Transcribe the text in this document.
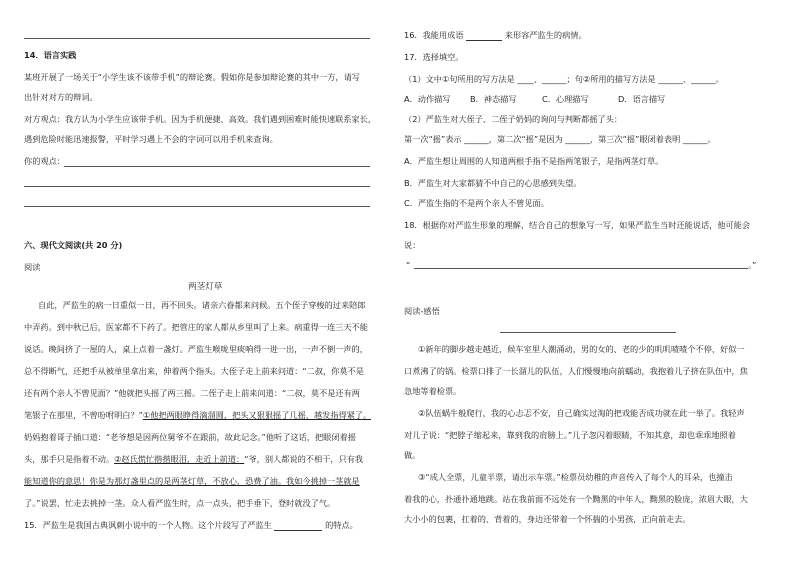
14．语言实践
某班开展了一场关于“小学生该不该带手机”的辩论赛。假如你是参加辩论赛的其中一方，请写
出针对对方的辩词。
对方观点：我方认为小学生应该带手机。因为手机便捷、高效。我们遇到困难时能快速联系家长，
遇到危险时能迅速报警，平时学习遇上不会的字词可以用手机来查询。
你的观点：
六、现代文阅读(共 20 分)
阅读
两茎灯草
自此，严监生的病一日重似一日，再不回头。诸亲六眷都来问候。五个侄子穿梭的过来陪郎
中弄药。到中秋已后，医家都不下药了。把管庄的家人都从乡里叫了上来。病重得一连三天不能
说话。晚间挤了一屋的人，桌上点着一盏灯。严监生喉咙里痰响得一进一出，一声不倒一声的，
总不得断气，还把手从被单里拿出来，伸着两个指头。大侄子走上前来问道：“二叔，你莫不是
还有两个亲人不曾见面？”他就把头摇了两三摇。二侄子走上前来问道：“二叔，莫不是还有两
笔银子在那里，不曾吩咐明白？”①他把两眼睁得滴溜圆，把头又狠狠摇了几摇，越发指得紧了。
奶妈抱着哥子插口道：“老爷想是因两位舅爷不在跟前，故此记念。”他听了这话，把眼闭着摇
头，那手只是指着不动。②赵氏慌忙揩揩眼泪，走近上前道：“爷，别人都说的不相干，只有我
能知道你的意思！你是为那灯盏里点的是两茎灯草，不放心，恐费了油。我如今挑掉一茎就是
了。”说罢，忙走去挑掉一茎。众人看严监生时，点一点头，把手垂下，登时就没了气。
15．严监生是我国古典讽刺小说中的一个人物。这个片段写了严监生	的特点。
16．我能用成语	来形容严监生的病情。
17．选择填空。
（1）文中①句所用的写方法是 ____、______；句②所用的描写方法是 ______、______。
A．动作描写 B．神态描写	C．心理描写	D．语言描写
（2）严监生对大侄子、二侄子奶妈的询问与判断都摇了头：
第一次“摇”表示 ______，第二次“摇”是因为 ______，第三次“摇”眼闭着表明 ______。
A．严监生想让周围的人知道两根手指不是指两笔银子，是指两茎灯草。
B．严监生对大家都猜不中自己的心思感到失望。
C．严监生指的不是两个亲人不曾见面。
18．根据你对严监生形象的理解，结合自己的想象写一写，如果严监生当时还能说话，他可能会
说：
“	。”
阅读-感悟
①新年的脚步越走越近，候车室里人潮涌动，男的女的、老的少的叽叽喳喳个不停，好似一
口煮沸了的锅。检票口排了一长溜儿的队伍，人们慢慢地向前蠕动，我抱着儿子挤在队伍中，焦
急地等着检票。
②队伍蜗牛般爬行，我的心忐忑不安，自己确实过淘的把戏能否成功就在此一举了。我轻声
对儿子说：“把脖子缩起来，靠到我的肩膀上。”儿子忽闪着眼睛，不知其意，却也乖乖地照着
做。
③“成人全票，儿童半票，请出示车票。”检票员幼稚的声音传入了每个人的耳朵，也撞击
着我的心，扑通扑通地跳。站在我前面不远处有一个黝黑的中年人，黝黑的脸庞，浓眉大眼，大
大小小的包裹，扛着的、背着的，身边还带着一个怀揣的小男孩，正向前走去。
